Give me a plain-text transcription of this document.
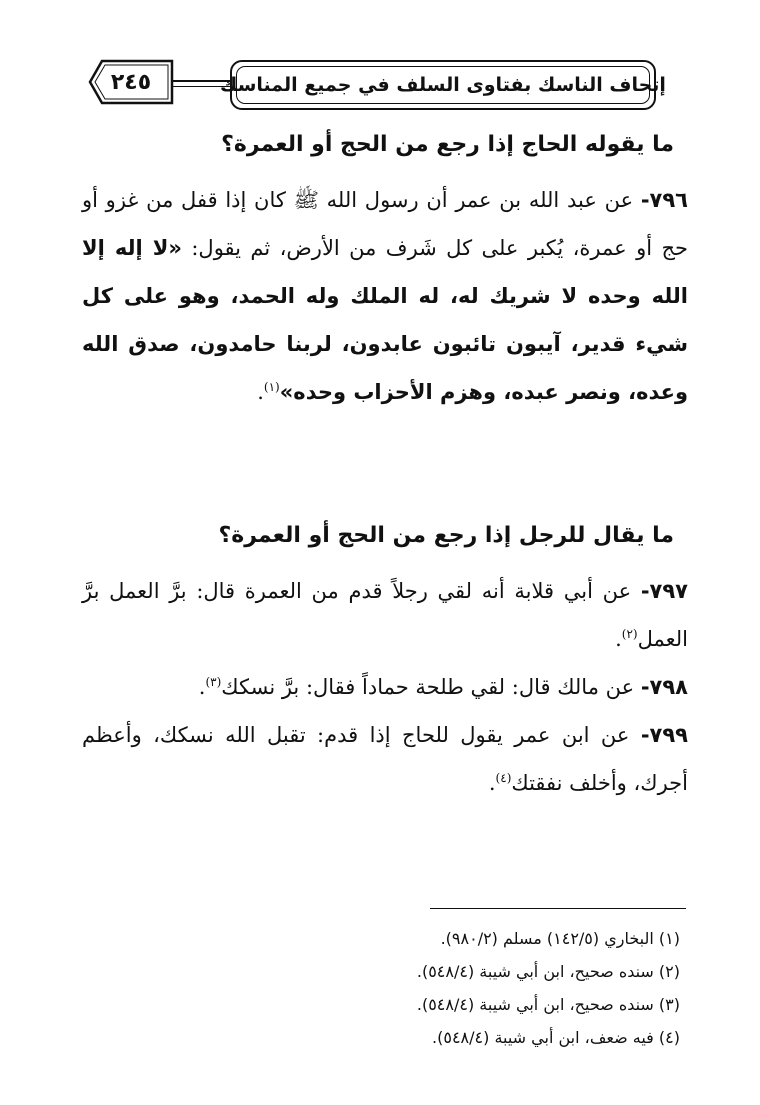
٢٤٥	إتحاف الناسك بفتاوى السلف في جميع المناسك
ما يقوله الحاج إذا رجع من الحج أو العمرة؟
٧٩٦- عن عبد الله بن عمر أن رسول الله ﷺ كان إذا قفل من غزو أو حج أو عمرة، يُكبر على كل شَرف من الأرض، ثم يقول: «لا إله إلا الله وحده لا شريك له، له الملك وله الحمد، وهو على كل شيء قدير، آيبون تائبون عابدون، لربنا حامدون، صدق الله وعده، ونصر عبده، وهزم الأحزاب وحده»$^{(١)}$.
ما يقال للرجل إذا رجع من الحج أو العمرة؟
٧٩٧- عن أبي قلابة أنه لقي رجلاً قدم من العمرة قال: برَّ العمل برَّ العمل$^{(٢)}$.
٧٩٨- عن مالك قال: لقي طلحة حماداً فقال: برَّ نسكك$^{(٣)}$.
٧٩٩- عن ابن عمر يقول للحاج إذا قدم: تقبل الله نسكك، وأعظم أجرك، وأخلف نفقتك$^{(٤)}$.
(١) البخاري (١٤٢/٥) مسلم (٩٨٠/٢).
(٢) سنده صحيح، ابن أبي شيبة (٥٤٨/٤).
(٣) سنده صحيح، ابن أبي شيبة (٥٤٨/٤).
(٤) فيه ضعف، ابن أبي شيبة (٥٤٨/٤).
